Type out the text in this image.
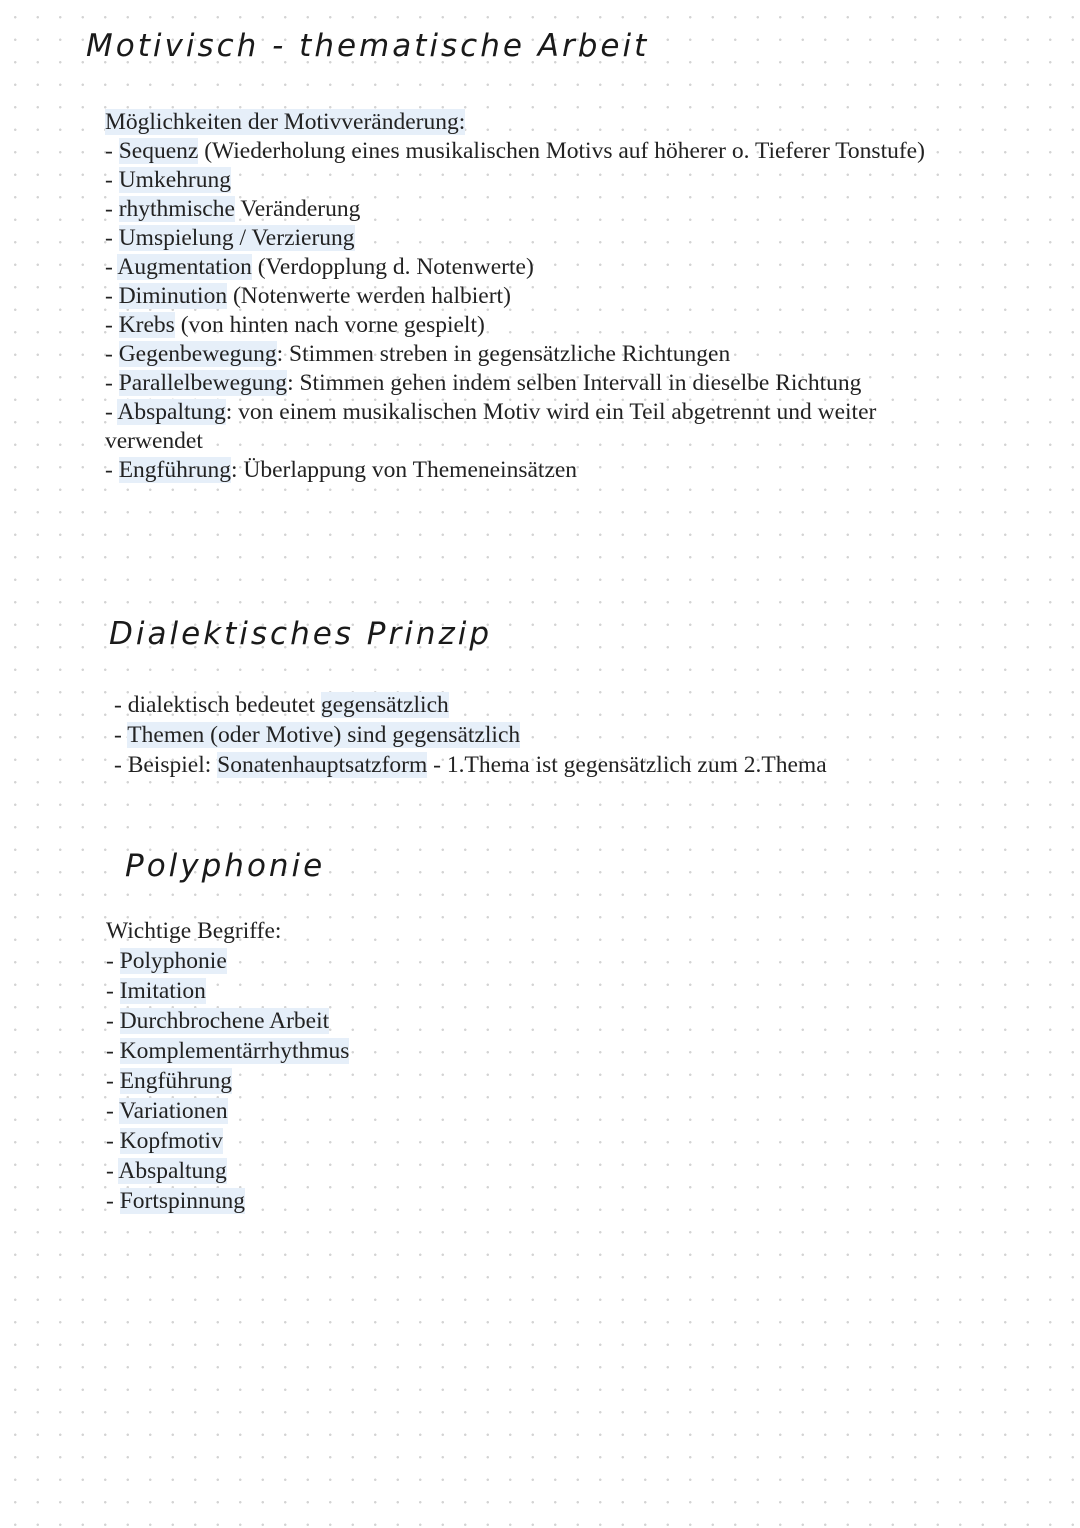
Motivisch - thematische Arbeit
Möglichkeiten der Motivveränderung:
- Sequenz (Wiederholung eines musikalischen Motivs auf höherer o. Tieferer Tonstufe)
- Umkehrung
- rhythmische Veränderung
- Umspielung / Verzierung
- Augmentation (Verdopplung d. Notenwerte)
- Diminution (Notenwerte werden halbiert)
- Krebs (von hinten nach vorne gespielt)
- Gegenbewegung: Stimmen streben in gegensätzliche Richtungen
- Parallelbewegung: Stimmen gehen indem selben Intervall in dieselbe Richtung
- Abspaltung: von einem musikalischen Motiv wird ein Teil abgetrennt und weiter
verwendet
- Engführung: Überlappung von Themeneinsätzen
Dialektisches Prinzip
- dialektisch bedeutet gegensätzlich
- Themen (oder Motive) sind gegensätzlich
- Beispiel: Sonatenhauptsatzform - 1.Thema ist gegensätzlich zum 2.Thema
Polyphonie
Wichtige Begriffe:
- Polyphonie
- Imitation
- Durchbrochene Arbeit
- Komplementärrhythmus
- Engführung
- Variationen
- Kopfmotiv
- Abspaltung
- Fortspinnung
